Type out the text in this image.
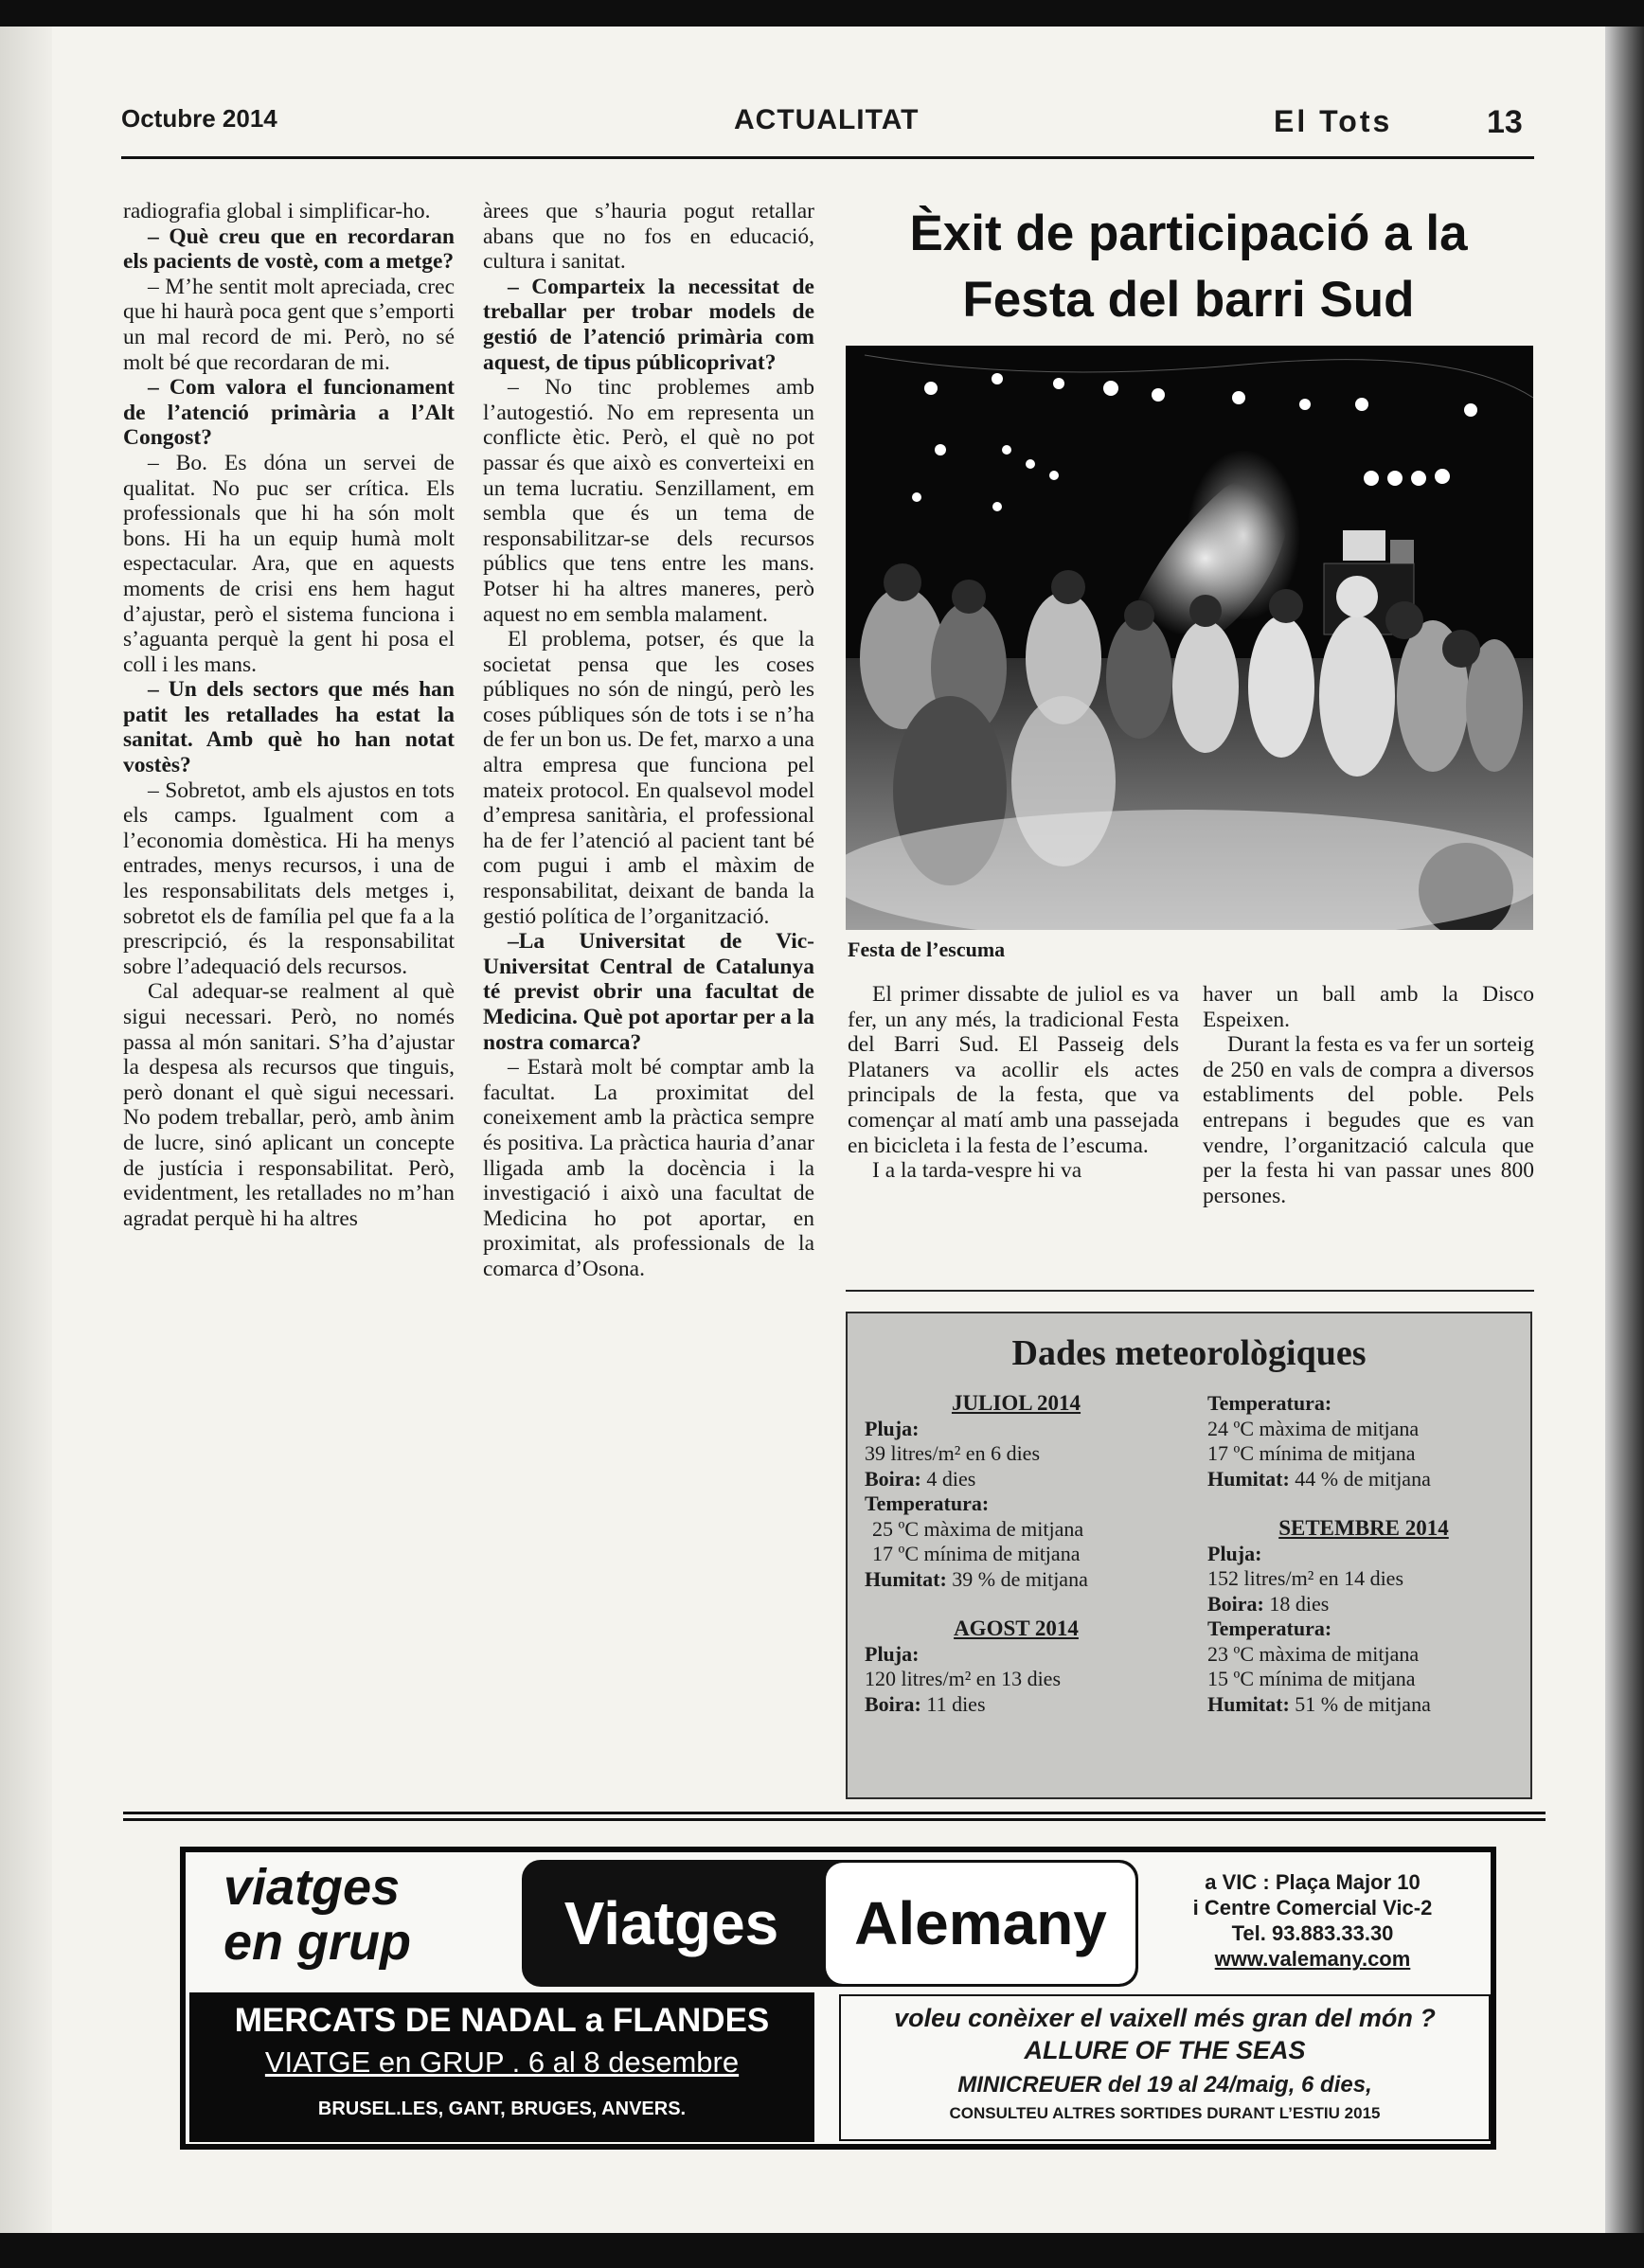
Octubre 2014	ACTUALITAT	El Tots	13

radiografia global i simplificar-ho.

– Què creu que en recordaran els pacients de vostè, com a metge?

– M’he sentit molt apreciada, crec que hi haurà poca gent que s’emporti un mal record de mi. Però, no sé molt bé que recordaran de mi.

– Com valora el funcionament de l’atenció primària a l’Alt Congost?

– Bo. Es dóna un servei de qualitat. No puc ser crítica. Els professionals que hi ha són molt bons. Hi ha un equip humà molt espectacular. Ara, que en aquests moments de crisi ens hem hagut d’ajustar, però el sistema funciona i s’aguanta perquè la gent hi posa el coll i les mans.

– Un dels sectors que més han patit les retallades ha estat la sanitat. Amb què ho han notat vostès?

– Sobretot, amb els ajustos en tots els camps. Igualment com a l’economia domèstica. Hi ha menys entrades, menys recursos, i una de les responsabilitats dels metges i, sobretot els de família pel que fa a la prescripció, és la responsabilitat sobre l’adequació dels recursos.

Cal adequar-se realment al què sigui necessari. Però, no només passa al món sanitari. S’ha d’ajustar la despesa als recursos que tinguis, però donant el què sigui necessari. No podem treballar, però, amb ànim de lucre, sinó aplicant un concepte de justícia i responsabilitat. Però, evidentment, les retallades no m’han agradat perquè hi ha altres

àrees que s’hauria pogut retallar abans que no fos en educació, cultura i sanitat.

– Comparteix la necessitat de treballar per trobar models de gestió de l’atenció primària com aquest, de tipus públicoprivat?

– No tinc problemes amb l’autogestió. No em representa un conflicte ètic. Però, el què no pot passar és que això es converteixi en un tema lucratiu. Senzillament, em sembla que és un tema de responsabilitzar-se dels recursos públics que tens entre les mans. Potser hi ha altres maneres, però aquest no em sembla malament.

El problema, potser, és que la societat pensa que les coses públiques no són de ningú, però les coses públiques són de tots i se n’ha de fer un bon us. De fet, marxo a una altra empresa que funciona pel mateix protocol. En qualsevol model d’empresa sanitària, el professional ha de fer l’atenció al pacient tant bé com pugui i amb el màxim de responsabilitat, deixant de banda la gestió política de l’organització.

–La Universitat de Vic-Universitat Central de Catalunya té previst obrir una facultat de Medicina. Què pot aportar per a la nostra comarca?

– Estarà molt bé comptar amb la facultat. La proximitat del coneixement amb la pràctica sempre és positiva. La pràctica hauria d’anar lligada amb la docència i la investigació i això una facultat de Medicina ho pot aportar, en proximitat, als professionals de la comarca d’Osona.

Èxit de participació a la Festa del barri Sud
Festa de l’escuma

El primer dissabte de juliol es va fer, un any més, la tradicional Festa del Barri Sud. El Passeig dels Plataners va acollir els actes principals de la festa, que va començar al matí amb una passejada en bicicleta i la festa de l’escuma.

I a la tarda-vespre hi va

haver un ball amb la Disco Espeixen.

Durant la festa es va fer un sorteig de 250 en vals de compra a diversos establiments del poble. Pels entrepans i begudes que es van vendre, l’organització calcula que per la festa hi van passar unes 800 persones.

Dades meteorològiques
JULIOL 2014
Pluja:
39 litres/m² en 6 dies
Boira: 4 dies
Temperatura:
25 ºC màxima de mitjana
17 ºC mínima de mitjana
Humitat: 39 % de mitjana
AGOST 2014
Pluja:
120 litres/m² en 13 dies
Boira: 11 dies
Temperatura:
24 ºC màxima de mitjana
17 ºC mínima de mitjana
Humitat: 44 % de mitjana
SETEMBRE 2014
Pluja:
152 litres/m² en 14 dies
Boira: 18 dies
Temperatura:
23 ºC màxima de mitjana
15 ºC mínima de mitjana
Humitat: 51 % de mitjana
viatges
en grup	Viatges	Alemany
a VIC : Plaça Major 10
i Centre Comercial Vic-2
Tel. 93.883.33.30
www.valemany.com
MERCATS DE NADAL a FLANDES
VIATGE en GRUP . 6 al 8 desembre
BRUSEL.LES, GANT, BRUGES, ANVERS.
voleu conèixer el vaixell més gran del món ?
ALLURE OF THE SEAS
MINICREUER del 19 al 24/maig, 6 dies,
CONSULTEU ALTRES SORTIDES DURANT L’ESTIU 2015
